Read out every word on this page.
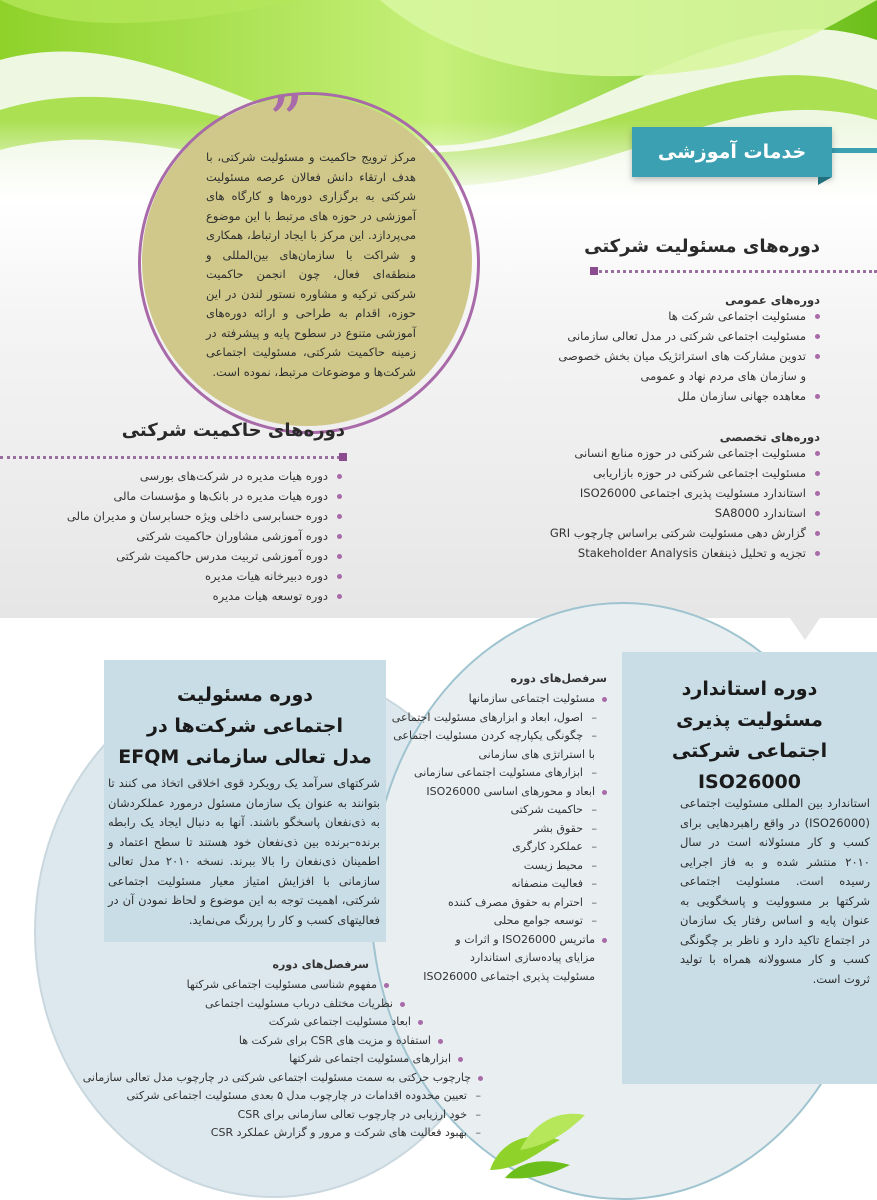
خدمات آموزشی
”
مرکز ترویج حاکمیت و مسئولیت شرکتی، با هدف ارتقاء دانش فعالان عرصه مسئولیت شرکتی به برگزاری دوره‌ها و کارگاه های آموزشی در حوزه های مرتبط با این موضوع می‌پردازد. این مرکز با ایجاد ارتباط، همکاری و شراکت با سازمان‌های بین‌المللی و منطقه‌ای فعال، چون انجمن حاکمیت شرکتی ترکیه و مشاوره نستور لندن در این حوزه، اقدام به طراحی و ارائه دوره‌های آموزشی متنوع در سطوح پایه و پیشرفته در زمینه حاکمیت شرکتی، مسئولیت اجتماعی شرکت‌ها و موضوعات مرتبط، نموده است.
دوره‌های مسئولیت شرکتی
دوره‌های عمومی
مسئولیت اجتماعی شرکت ها
مسئولیت اجتماعی شرکتی در مدل تعالی سازمانی
تدوین مشارکت های استراتژیک میان بخش خصوصی
و سازمان های مردم نهاد و عمومی
معاهده جهانی سازمان ملل
دوره‌های تخصصی
مسئولیت اجتماعی شرکتی در حوزه منابع انسانی
مسئولیت اجتماعی شرکتی در حوزه بازاریابی
استاندارد مسئولیت پذیری اجتماعی ISO26000
استاندارد SA8000
گزارش دهی مسئولیت شرکتی براساس چارچوب GRI
تجزیه و تحلیل ذینفعان Stakeholder Analysis
دوره‌های حاکمیت شرکتی
دوره هیات مدیره در شرکت‌های بورسی
دوره هیات مدیره در بانک‌ها و مؤسسات مالی
دوره حسابرسی داخلی ویژه حسابرسان و مدیران مالی
دوره آموزشی مشاوران حاکمیت شرکتی
دوره آموزشی تربیت مدرس حاکمیت شرکتی
دوره دبیرخانه هیات مدیره
دوره توسعه هیات مدیره
دوره استاندارد
مسئولیت پذیری
اجتماعی شرکتی
ISO26000
استاندارد بین المللی مسئولیت اجتماعی (ISO26000) در واقع راهبردهایی برای کسب و کار مسئولانه است در سال ۲۰۱۰ منتشر شده و به فاز اجرایی رسیده است. مسئولیت اجتماعی شرکتها بر مسوولیت و پاسخگویی به عنوان پایه و اساس رفتار یک سازمان در اجتماع تاکید دارد و ناظر بر چگونگی کسب و کار مسوولانه همراه با تولید ثروت است.
سرفصل‌های دوره
مسئولیت اجتماعی سازمانها
– اصول، ابعاد و ابزارهای مسئولیت اجتماعی
– چگونگی یکپارچه کردن مسئولیت اجتماعی
با استراتژی های سازمانی
– ابزارهای مسئولیت اجتماعی سازمانی
ابعاد و محورهای اساسی ISO26000
– حاکمیت شرکتی
– حقوق بشر
– عملکرد کارگری
– محیط زیست
– فعالیت منصفانه
– احترام به حقوق مصرف کننده
– توسعه جوامع محلی
ماتریس ISO26000 و اثرات و
مزایای پیاده‌سازی استاندارد
مسئولیت پذیری اجتماعی ISO26000
دوره مسئولیت
اجتماعی شرکت‌ها در
مدل تعالی سازمانی EFQM
شرکتهای سرآمد یک رویکرد قوی اخلاقی اتخاذ می کنند تا بتوانند به عنوان یک سازمان مسئول درمورد عملکردشان به ذی‌نفعان پاسخگو باشند. آنها به دنبال ایجاد یک رابطه برنده–برنده بین ذی‌نفعان خود هستند تا سطح اعتماد و اطمینان ذی‌نفعان را بالا ببرند. نسخه ۲۰۱۰ مدل تعالی سازمانی با افزایش امتیاز معیار مسئولیت اجتماعی شرکتی، اهمیت توجه به این موضوع و لحاظ نمودن آن در فعالیتهای کسب و کار را پررنگ می‌نماید.
سرفصل‌های دوره
مفهوم شناسی مسئولیت اجتماعی شرکتها
نظریات مختلف درباب مسئولیت اجتماعی
ابعاد مسئولیت اجتماعی شرکت
استفاده و مزیت های CSR برای شرکت ها
ابزارهای مسئولیت اجتماعی شرکتها
چارچوب حرکتی به سمت مسئولیت اجتماعی شرکتی در چارچوب مدل تعالی سازمانی
– تعیین محدوده اقدامات در چارچوب مدل ۵ بعدی مسئولیت اجتماعی شرکتی
– خود ارزیابی در چارچوب تعالی سازمانی برای CSR
– بهبود فعالیت های شرکت و مرور و گزارش عملکرد CSR
